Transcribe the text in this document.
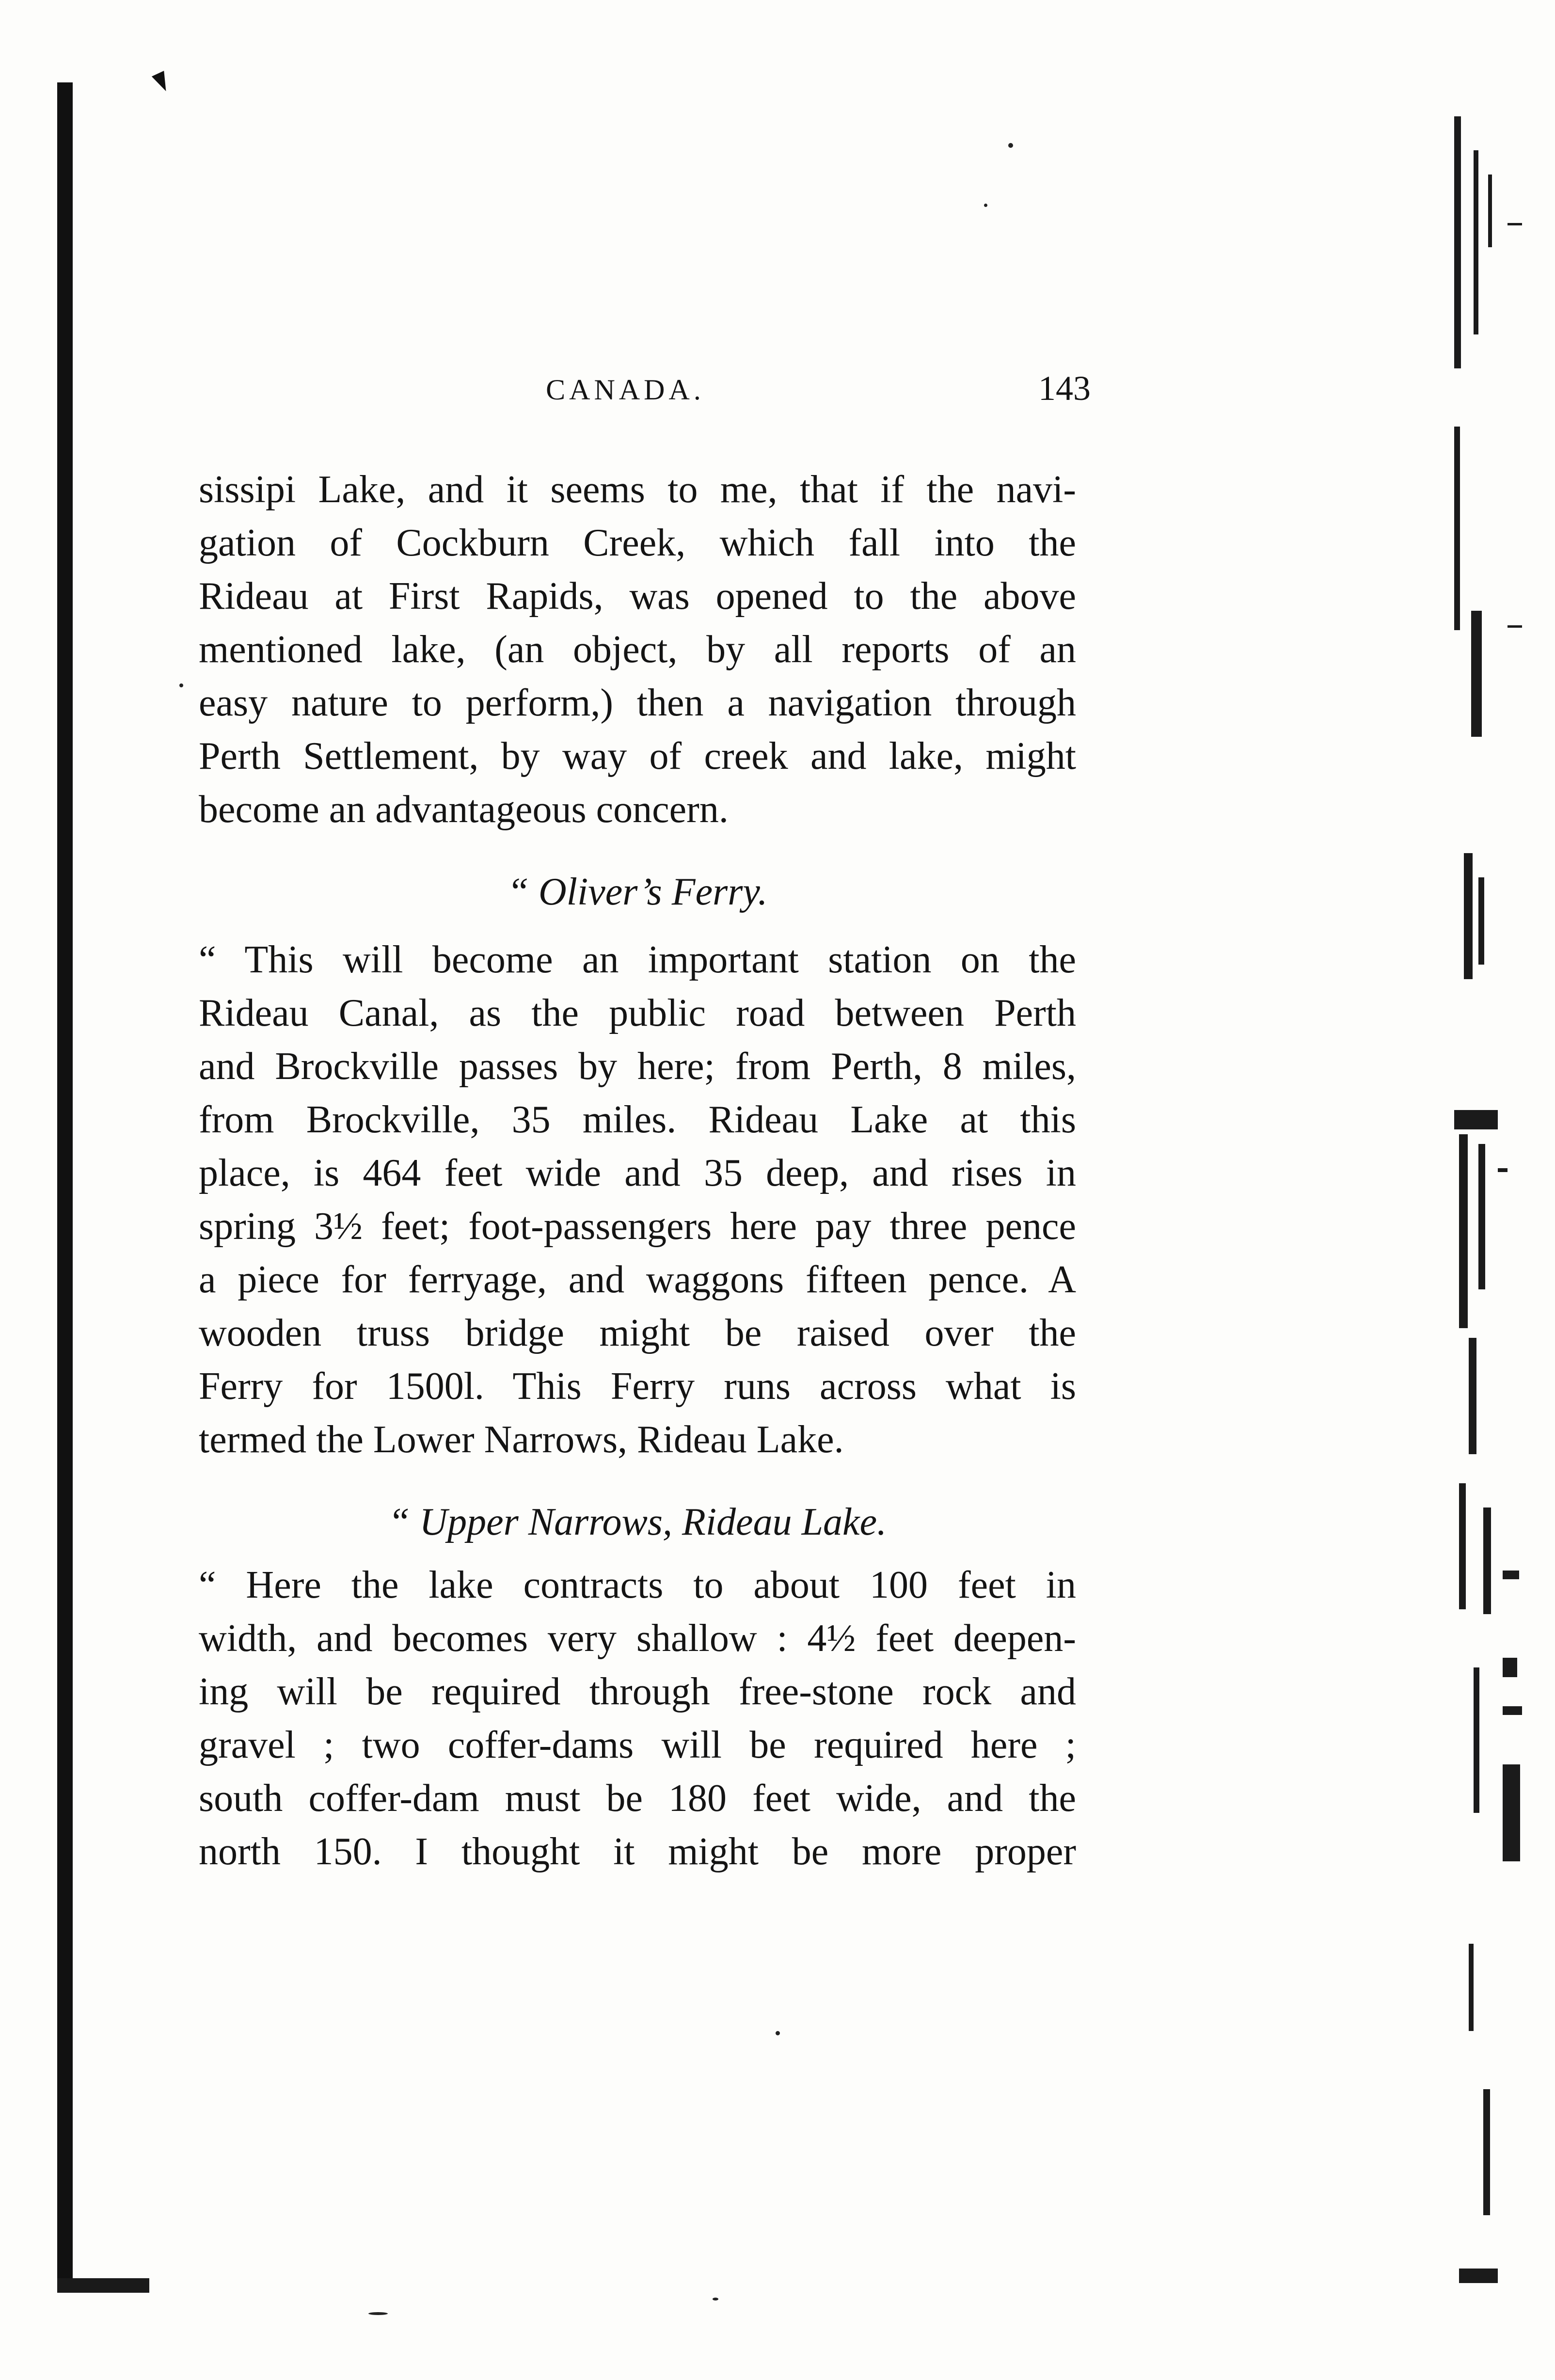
CANADA.	143
sissipi Lake, and it seems to me, that if the navi-
gation of Cockburn Creek, which fall into the
Rideau at First Rapids, was opened to the above
mentioned lake, (an object, by all reports of an
easy nature to perform,) then a navigation through
Perth Settlement, by way of creek and lake, might
become an advantageous concern.
“ Oliver’s Ferry.
“ This will become an important station on the
Rideau Canal, as the public road between Perth
and Brockville passes by here; from Perth, 8 miles,
from Brockville, 35 miles. Rideau Lake at this
place, is 464 feet wide and 35 deep, and rises in
spring 3½ feet; foot-passengers here pay three pence
a piece for ferryage, and waggons fifteen pence. A
wooden truss bridge might be raised over the
Ferry for 1500l. This Ferry runs across what is
termed the Lower Narrows, Rideau Lake.
“ Upper Narrows, Rideau Lake.
“ Here the lake contracts to about 100 feet in
width, and becomes very shallow : 4½ feet deepen-
ing will be required through free-stone rock and
gravel ; two coffer-dams will be required here ;
south coffer-dam must be 180 feet wide, and the
north 150. I thought it might be more proper
